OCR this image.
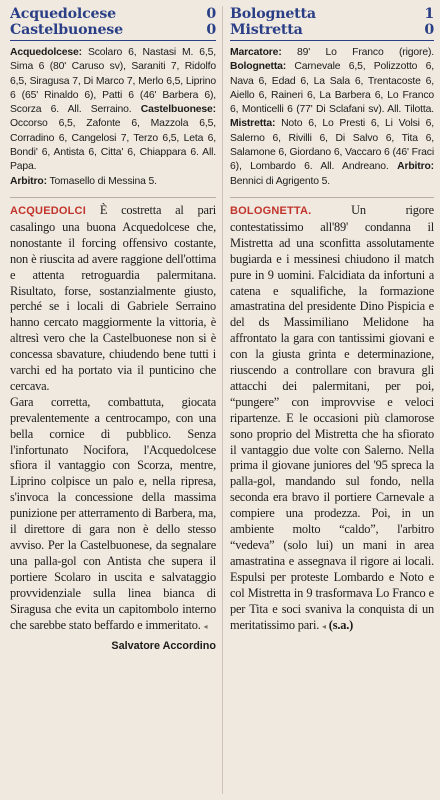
Acquedolcese	0
Castelbuonese	0
Acquedolcese: Scolaro 6, Nastasi M. 6,5, Sima 6 (80' Caruso sv), Saraniti 7, Ridolfo 6,5, Siragusa 7, Di Marco 7, Merlo 6,5, Liprino 6 (65' Rinaldo 6), Patti 6 (46' Barbera 6), Scorza 6. All. Serraino. Castelbuonese: Occorso 6,5, Zafonte 6, Mazzola 6,5, Corradino 6, Cangelosi 7, Terzo 6,5, Leta 6, Bondi' 6, Antista 6, Citta' 6, Chiappara 6. All. Papa.
Arbitro: Tomasello di Messina 5.

ACQUEDOLCI È costretta al pari casalingo una buona Acquedolcese che, nonostante il forcing offensivo costante, non è riuscita ad avere raggione dell'ottima e attenta retroguardia palermitana. Risultato, forse, sostanzialmente giusto, perché se i locali di Gabriele Serraino hanno cercato maggiormente la vittoria, è altresì vero che la Castelbuonese non si è concessa sbavature, chiudendo bene tutti i varchi ed ha portato via il punticino che cercava.

Gara corretta, combattuta, giocata prevalentemente a centrocampo, con una bella cornice di pubblico. Senza l'infortunato Nocifora, l'Acquedolcese sfiora il vantaggio con Scorza, mentre, Liprino colpisce un palo e, nella ripresa, s'invoca la concessione della massima punizione per atterramento di Barbera, ma, il direttore di gara non è dello stesso avviso. Per la Castelbuonese, da segnalare una palla-gol con Antista che supera il portiere Scolaro in uscita e salvataggio provvidenziale sulla linea bianca di Siragusa che evita un capitombolo interno che sarebbe stato beffardo e immeritato. ◂

Salvatore Accordino
Bolognetta	1
Mistretta	0
Marcatore: 89' Lo Franco (rigore). Bolognetta: Carnevale 6,5, Polizzotto 6, Nava 6, Edad 6, La Sala 6, Trentacoste 6, Aiello 6, Raineri 6, La Barbera 6, Lo Franco 6, Monticelli 6 (77' Di Sclafani sv). All. Tilotta. Mistretta: Noto 6, Lo Presti 6, Li Volsi 6, Salerno 6, Rivilli 6, Di Salvo 6, Tita 6, Salamone 6, Giordano 6, Vaccaro 6 (46' Fraci 6), Lombardo 6. All. Andreano. Arbitro: Bennici di Agrigento 5.

BOLOGNETTA. Un rigore contestatissimo all'89' condanna il Mistretta ad una sconfitta assolutamente bugiarda e i messinesi chiudono il match pure in 9 uomini. Falcidiata da infortuni a catena e squalifiche, la formazione amastratina del presidente Dino Pispicia e del ds Massimiliano Melidone ha affrontato la gara con tantissimi giovani e con la giusta grinta e determinazione, riuscendo a controllare con bravura gli attacchi dei palermitani, per poi, “pungere” con improvvise e veloci ripartenze. E le occasioni più clamorose sono proprio del Mistretta che ha sfiorato il vantaggio due volte con Salerno. Nella prima il giovane juniores del '95 spreca la palla-gol, mandando sul fondo, nella seconda era bravo il portiere Carnevale a compiere una prodezza. Poi, in un ambiente molto “caldo”, l'arbitro “vedeva” (solo lui) un mani in area amastratina e assegnava il rigore ai locali. Espulsi per proteste Lombardo e Noto e col Mistretta in 9 trasformava Lo Franco e per Tita e soci svaniva la conquista di un meritatissimo pari. ◂ (s.a.)
